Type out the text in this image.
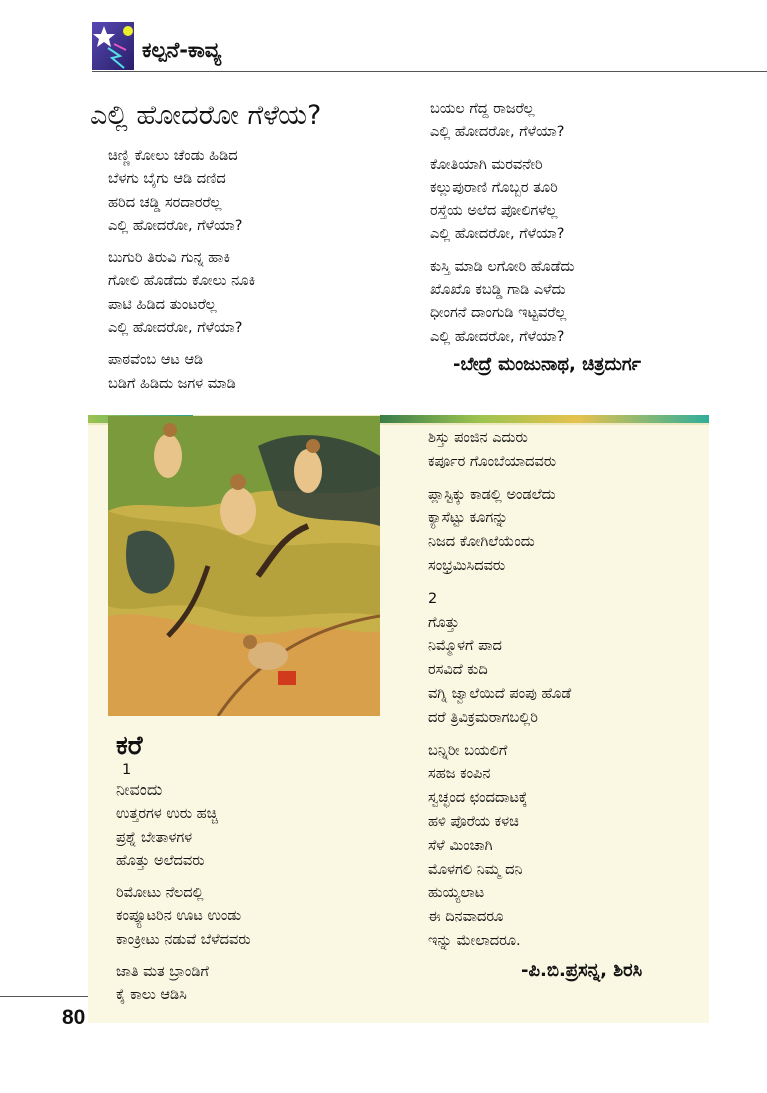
ಕಲ್ಪನೆ-ಕಾವ್ಯ
ಎಲ್ಲಿ ಹೋದರೋ ಗೆಳೆಯ?
ಚಿಣ್ಣಿ ಕೋಲು ಚೆಂಡು ಹಿಡಿದ
ಬೆಳಗು ಬೈಗು ಆಡಿ ದಣಿದ
ಹರಿದ ಚಡ್ಡಿ ಸರದಾರರೆಲ್ಲ
ಎಲ್ಲಿ ಹೋದರೋ, ಗೆಳೆಯಾ?
ಬುಗುರಿ ತಿರುವಿ ಗುನ್ನ ಹಾಕಿ
ಗೋಲಿ ಹೊಡೆದು ಕೋಲು ನೂಕಿ
ಪಾಟಿ ಹಿಡಿದ ತುಂಟರೆಲ್ಲ
ಎಲ್ಲಿ ಹೋದರೋ, ಗೆಳೆಯಾ?
ಪಾಠವೆಂಬ ಆಟ ಆಡಿ
ಬಡಿಗೆ ಹಿಡಿದು ಜಗಳ ಮಾಡಿ
ಬಯಲ ಗೆದ್ದ ರಾಜರೆಲ್ಲ
ಎಲ್ಲಿ ಹೋದರೋ, ಗೆಳೆಯಾ?
ಕೋತಿಯಾಗಿ ಮರವನೇರಿ
ಕಲ್ಲುಪುರಾಣಿ ಗೊಬ್ಬರ ತೂರಿ
ರಸ್ತೆಯ ಅಲೆದ ಪೋಲಿಗಳೆಲ್ಲ
ಎಲ್ಲಿ ಹೋದರೋ, ಗೆಳೆಯಾ?
ಕುಸ್ತಿ ಮಾಡಿ ಲಗೋರಿ ಹೊಡೆದು
ಖೊಖೊ ಕಬಡ್ಡಿ ಗಾಡಿ ಎಳೆದು
ಧೀಂಗನೆ ದಾಂಗುಡಿ ಇಟ್ಟವರೆಲ್ಲ
ಎಲ್ಲಿ ಹೋದರೋ, ಗೆಳೆಯಾ?
-ಬೇದ್ರೆ ಮಂಜುನಾಥ, ಚಿತ್ರದುರ್ಗ
ಕರೆ
1
ನೀವಂದು
ಉತ್ತರಗಳ ಉರು ಹಚ್ಚಿ
ಪ್ರಶ್ನೆ ಬೇತಾಳಗಳ
ಹೊತ್ತು ಅಲೆದವರು
ರಿಮೋಟು ನೆಲದಲ್ಲಿ
ಕಂಪ್ಯೂಟರಿನ ಊಟ ಉಂಡು
ಕಾಂಕ್ರೀಟು ನಡುವೆ ಬೆಳೆದವರು
ಜಾತಿ ಮತ ಬ್ರಾಂಡಿಗೆ
ಕೈ ಕಾಲು ಆಡಿಸಿ
ಶಿಸ್ತು ಪಂಜಿನ ಎದುರು
ಕರ್ಪೂರ ಗೊಂಬೆಯಾದವರು
ಪ್ಲಾಸ್ಟಿಕ್ಕು ಕಾಡಲ್ಲಿ ಅಂಡಲೆದು
ಕ್ಯಾಸೆಟ್ಟು ಕೂಗನ್ನು
ನಿಜದ ಕೋಗಿಲೆಯೆಂದು
ಸಂಭ್ರಮಿಸಿದವರು
2
ಗೊತ್ತು
ನಿಮ್ಮೊಳಗೆ ಪಾದ
ರಸವಿದೆ ಕುದಿ
ವಗ್ನಿ ಜ್ವಾಲೆಯಿದೆ ಪಂಪು ಹೊಡೆ
ದರೆ ತ್ರಿವಿಕ್ರಮರಾಗಬಲ್ಲಿರಿ
ಬನ್ನಿರೀ ಬಯಲಿಗೆ
ಸಹಜ ಕಂಪಿನ
ಸ್ವಚ್ಛಂದ ಛಂದದಾಟಕ್ಕೆ
ಹಳಿ ಪೊರೆಯ ಕಳಚಿ
ಸೆಳೆ ಮಿಂಚಾಗಿ
ಮೊಳಗಲಿ ನಿಮ್ಮ ದನಿ
ಹುಯ್ಯಲಾಟ
ಈ ದಿನವಾದರೂ
ಇನ್ನು ಮೇಲಾದರೂ.
-ಪಿ.ಬಿ.ಪ್ರಸನ್ನ, ಶಿರಸಿ
80
